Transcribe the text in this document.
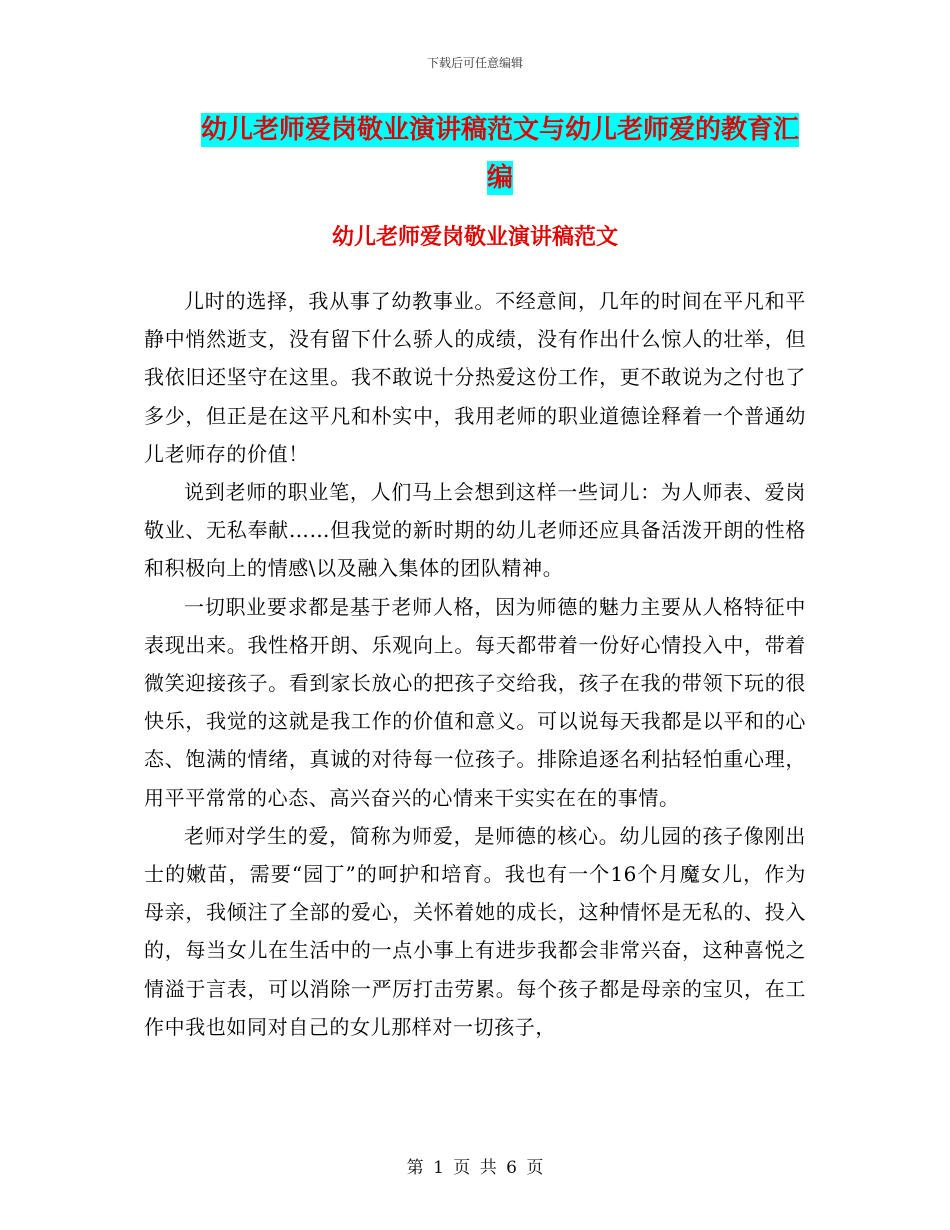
下载后可任意编辑
幼儿老师爱岗敬业演讲稿范文与幼儿老师爱的教育汇编
幼儿老师爱岗敬业演讲稿范文

儿时的选择，我从事了幼教事业。不经意间，几年的时间在平凡和平静中悄然逝支，没有留下什么骄人的成绩，没有作出什么惊人的壮举，但我依旧还坚守在这里。我不敢说十分热爱这份工作，更不敢说为之付也了多少，但正是在这平凡和朴实中，我用老师的职业道德诠释着一个普通幼儿老师存的价值！

说到老师的职业笔，人们马上会想到这样一些词儿：为人师表、爱岗敬业、无私奉献……但我觉的新时期的幼儿老师还应具备活泼开朗的性格和积极向上的情感\以及融入集体的团队精神。

一切职业要求都是基于老师人格，因为师德的魅力主要从人格特征中表现出来。我性格开朗、乐观向上。每天都带着一份好心情投入中，带着微笑迎接孩子。看到家长放心的把孩子交给我，孩子在我的带领下玩的很快乐，我觉的这就是我工作的价值和意义。可以说每天我都是以平和的心态、饱满的情绪，真诚的对待每一位孩子。排除追逐名利拈轻怕重心理，用平平常常的心态、高兴奋兴的心情来干实实在在的事情。

老师对学生的爱，简称为师爱，是师德的核心。幼儿园的孩子像刚出士的嫩苗，需要“园丁”的呵护和培育。我也有一个16个月魔女儿，作为母亲，我倾注了全部的爱心，关怀着她的成长，这种情怀是无私的、投入的，每当女儿在生活中的一点小事上有进步我都会非常兴奋，这种喜悦之情溢于言表，可以消除一严厉打击劳累。每个孩子都是母亲的宝贝，在工作中我也如同对自己的女儿那样对一切孩子，

第 1 页 共 6 页
